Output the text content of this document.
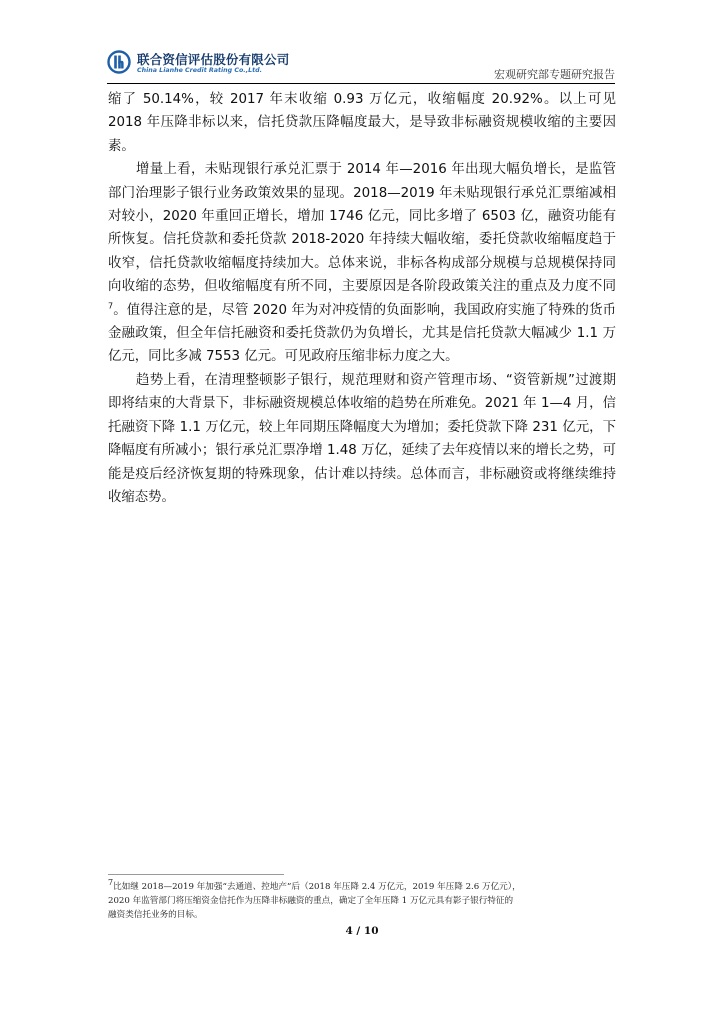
联合资信评估股份有限公司
China Lianhe Credit Rating Co.,Ltd.	宏观研究部专题研究报告

缩了 50.14%，较 2017 年末收缩 0.93 万亿元，收缩幅度 20.92%。以上可见 2018 年压降非标以来，信托贷款压降幅度最大，是导致非标融资规模收缩的主要因素。

增量上看，未贴现银行承兑汇票于 2014 年—2016 年出现大幅负增长，是监管部门治理影子银行业务政策效果的显现。2018—2019 年未贴现银行承兑汇票缩减相对较小，2020 年重回正增长，增加 1746 亿元，同比多增了 6503 亿，融资功能有所恢复。信托贷款和委托贷款 2018-2020 年持续大幅收缩，委托贷款收缩幅度趋于收窄，信托贷款收缩幅度持续加大。总体来说，非标各构成部分规模与总规模保持同向收缩的态势，但收缩幅度有所不同，主要原因是各阶段政策关注的重点及力度不同$^7$。值得注意的是，尽管 2020 年为对冲疫情的负面影响，我国政府实施了特殊的货币金融政策，但全年信托融资和委托贷款仍为负增长，尤其是信托贷款大幅减少 1.1 万亿元，同比多减 7553 亿元。可见政府压缩非标力度之大。

趋势上看，在清理整顿影子银行，规范理财和资产管理市场、“资管新规”过渡期即将结束的大背景下，非标融资规模总体收缩的趋势在所难免。2021 年 1—4 月，信托融资下降 1.1 万亿元，较上年同期压降幅度大为增加；委托贷款下降 231 亿元，下降幅度有所减小；银行承兑汇票净增 1.48 万亿，延续了去年疫情以来的增长之势，可能是疫后经济恢复期的特殊现象，估计难以持续。总体而言，非标融资或将继续维持收缩态势。

$^7$比如继 2018—2019 年加强“去通道、控地产”后（2018 年压降 2.4 万亿元，2019 年压降 2.6 万亿元），

2020 年监管部门将压缩资金信托作为压降非标融资的重点，确定了全年压降 1 万亿元具有影子银行特征的

融资类信托业务的目标。

4 / 10
